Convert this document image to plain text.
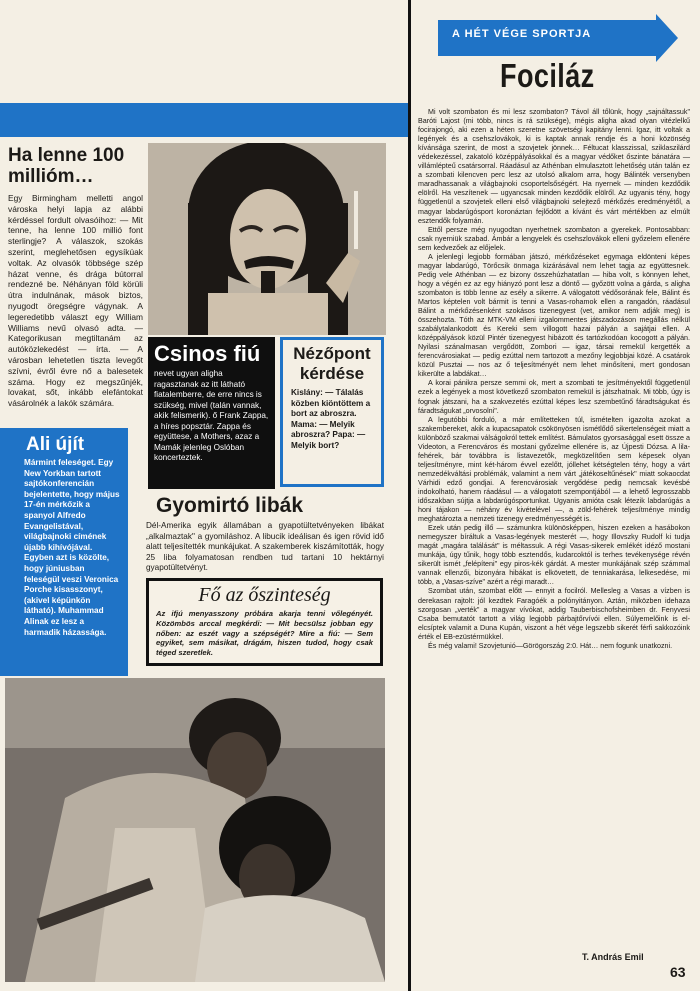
Ha lenne 100 millióm…

Egy Birmingham melletti angol városka helyi lapja az alábbi kérdéssel fordult olvasóihoz: — Mit tenne, ha lenne 100 millió font sterlingje? A válaszok, szokás szerint, meglehetősen egysíkúak voltak. Az olvasók többsége szép házat venne, és drága bútorral rendezné be. Néhányan föld körüli útra indulnának, mások biztos, nyugodt öregségre vágynak. A legeredetibb választ egy William Williams nevű olvasó adta. — Kategorikusan megtiltanám az autóközlekedést — írta. — A városban lehetetlen tiszta levegőt szívni, évről évre nő a balesetek száma. Hogy ez megszűnjék, lovakat, sőt, inkább elefántokat vásárolnék a lakók számára.

Csinos fiú

nevet ugyan aligha ragasztanak az itt látható fiatalemberre, de erre nincs is szükség, mivel (talán vannak, akik felismerik). ő Frank Zappa, a híres popsztár. Zappa és együttese, a Mothers, azaz a Mamák jelenleg Oslóban koncerteztek.

Nézőpont kérdése

Kislány: — Tálalás közben kiöntöttem a bort az abroszra. Mama: — Melyik abroszra? Papa: — Melyik bort?

Ali újít

Mármint feleséget. Egy New Yorkban tartott sajtókonferencián bejelentette, hogy május 17-én mérkőzik a spanyol Alfredo Evangelistával, világbajnoki címének újabb kihívójával. Egyben azt is közölte, hogy júniusban feleségül veszi Veronica Porche kisasszonyt, (akivel képünkön látható). Muhammad Alinak ez lesz a harmadik házassága.

Gyomirtó libák

Dél-Amerika egyik államában a gyapotültetvényeken libákat „alkalmaztak" a gyomiláshoz. A libucik ideálisan és igen rövid idő alatt teljesítették munkájukat. A szakemberek kiszámították, hogy 25 liba folyamatosan rendben tud tartani 10 hektárnyi gyapotültetvényt.

Fő az őszinteség

Az ifjú menyasszony próbára akarja tenni vőlegényét. Közömbös arccal megkérdi: — Mit becsülsz jobban egy nőben: az eszét vagy a szépségét? Mire a fiú: — Sem egyiket, sem másikat, drágám, hiszen tudod, hogy csak téged szeretlek.

A HÉT VÉGE SPORTJA
Fociláz

Mi volt szombaton és mi lesz szombaton? Távol áll tőlünk, hogy „sajnáltassuk" Baróti Lajost (mi több, nincs is rá szüksége), mégis aligha akad olyan vitézlelkű focirajongó, aki ezen a héten szeretne szövetségi kapitány lenni. Igaz, itt voltak a legények és a csehszlovákok, ki is kaptak annak rendje és a honi közönség kívánsága szerint, de most a szovjetek jönnek… Féltucat klasszissal, sziklaszilárd védekezéssel, zakatoló középpályásokkal és a magyar védőket őszinte bánatára — villámlépteű csatársorral. Ráadásul az Athénban elmulasztott lehetőség után talán ez a szombati kilencven perc lesz az utolsó alkalom arra, hogy Bálinték versenyben maradhassanak a világbajnoki csoportelsőségért. Ha nyernek — minden kezdődik elölről. Ha veszítenek — ugyancsak minden kezdődik elölről. Az ugyanis tény, hogy függetlenül a szovjetek elleni első világbajnoki selejtező mérkőzés eredményétől, a magyar labdarúgósport koronáztan fejlődött a kívánt és várt mértékben az elmúlt esztendők folyamán.

Ettől persze még nyugodtan nyerhetnek szombaton a gyerekek. Pontosabban: csak nyerniük szabad. Ámbár a lengyelek és csehszlovákok elleni győzelem ellenére sem kedvezőek az előjelek.

A jelenlegi legjobb formában játszó, mérkőzéseket egymaga eldönteni képes magyar labdarúgó, Törőcsik önmaga kizárásával nem lehet tagja az együttesnek. Pedig vele Athénban — ez bizony összehúzhatatlan — hiba volt, s könnyen lehet, hogy a végén ez az egy hiányzó pont lesz a döntő — győzött volna a gárda, s aligha szombaton is több lenne az esély a sikerre. A válogatott védősorának fele, Bálint és Martos képtelen volt bármit is tenni a Vasas-rohamok ellen a rangadón, ráadásul Bálint a mérkőzésenként szokásos tizenegyest (vet, amikor nem adják meg) is összehozta. Tóth az MTK-VM elleni izgalommentes játszadozáson megállás nélkül szabálytalankodott és Kereki sem villogott hazai pályán a sajátjai ellen. A középpályások közül Pintér tizenegyest hibázott és tartózkodóan kocogott a pályán. Nyilasi szánalmasan vergődött, Zombori — igaz, társai remekül kergették a ferencvárosiakat — pedig ezúttal nem tartozott a mezőny legjobbjai közé. A csatárok közül Pusztai — nos az ő teljesítményét nem lehet minősíteni, mert gondosan kikerülte a labdákat…

A korai pánikra persze semmi ok, mert a szombati te jesítményektől függetlenül ezek a legények a most következő szombaton remekül is játszhatnak. Mi több, úgy is fognak játszani, ha a szakvezetés ezúttal képes lesz szembetűnő fáradtságukat és fáradtságukat „orvosolni".

A legutóbbi forduló, a már említetteken túl, ismételten igazolta azokat a szakembereket, akik a kupacsapatok csökönyösen ismétlődő sikertelenségeit miatt a különböző szakmai válságokról tettek említést. Bámulatos gyorsasággal esett össze a Videoton, a Ferencváros és mostani győzelme ellenére is, az Újpesti Dózsa. A lila-fehérek, bár továbbra is listavezetők, megközelítően sem képesek olyan teljesítményre, mint két-három évvel ezelőtt, jóllehet kétségtelen tény, hogy a várt nemzedékváltási problémák, valamint a nem várt „játékoseltűnések" miatt sokaocdat Várhidi edző gondjai. A ferencvárosiak vergődése pedig nemcsak kevésbé indokolható, hanem ráadásul — a válogatott szempontjából — a lehető legrosszabb időszakban sújtja a labdarúgósportunkat. Ugyanis amióta csak létezik labdarúgás a honi tájakon — néhány év kivételével —, a zöld-fehérek teljesítménye mindig meghatározta a nemzeti tizenegy eredményességét is.

Ezek után pedig illő — számunkra különösképpen, hiszen ezeken a hasábokon nemegyszer bíráltuk a Vasas-legények mesterét —, hogy Illovszky Rudolf ki tudja magát „magára találását" is méltassuk. A régi Vasas-sikerek emlékét idéző mostani munkája, úgy tűnik, hogy több esztendős, kudarcoktól is terhes tevékenysége révén sikerült ismét „felépíteni" egy piros-kék gárdát. A mester munkájának szép számmal vannak ellenzői, bizonyára hibákat is elkövetett, de tenniakarása, lelkesedése, mi több, a „Vasas-szíve" azért a régi maradt…

Szombat után, szombat előtt — ennyit a focilról. Mellesleg a Vasas a vízben is derekasan rajtolt: jól kezdtek Faragóék a polónyitányon. Aztán, miközben idehaza szorgosan „verték" a magyar vívókat, addig Tauberbischofsheimben dr. Fenyvesi Csaba bemutatót tartott a világ legjobb párbajtőrvívói ellen. Súlyemelőink is el-elcsíptek valamit a Duna Kupán, viszont a hét vége legszebb sikerét férfi sakkozóink érték el EB-ezüstérmükkel.

És még valami! Szovjetunió—Görögország 2:0. Hát… nem fogunk unatkozni.

T. András Emil
63
